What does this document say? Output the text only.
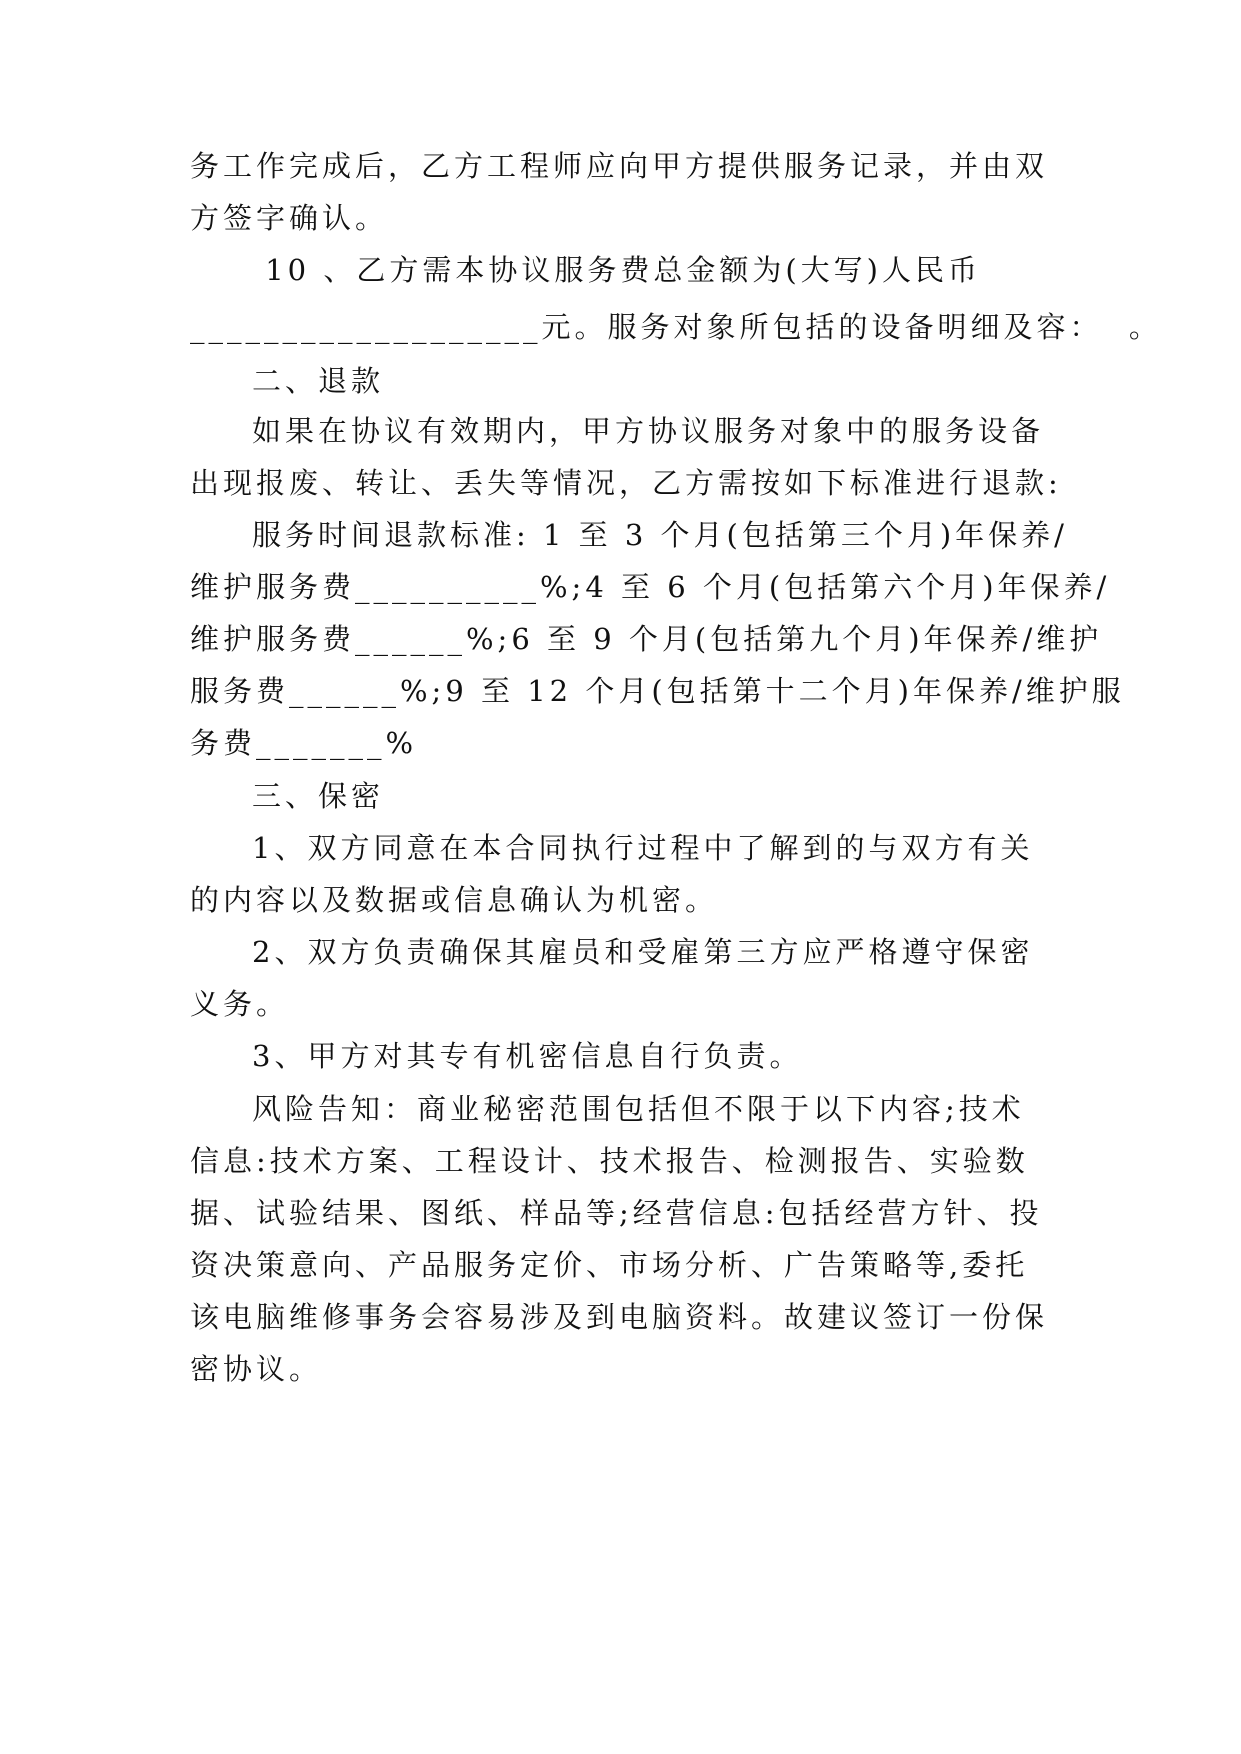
务工作完成后，乙方工程师应向甲方提供服务记录，并由双
方签字确认。
10 、乙方需本协议服务费总金额为(大写)人民币
___________________元。服务对象所包括的设备明细及容：  。
二、退款
如果在协议有效期内，甲方协议服务对象中的服务设备
出现报废、转让、丢失等情况，乙方需按如下标准进行退款:
服务时间退款标准: 1 至 3 个月(包括第三个月)年保养/
维护服务费__________%;4 至 6 个月(包括第六个月)年保养/
维护服务费______%;6 至 9 个月(包括第九个月)年保养/维护
服务费______%;9 至 12 个月(包括第十二个月)年保养/维护服
务费_______%
三、保密
1、双方同意在本合同执行过程中了解到的与双方有关
的内容以及数据或信息确认为机密。
2、双方负责确保其雇员和受雇第三方应严格遵守保密
义务。
3、甲方对其专有机密信息自行负责。
风险告知：商业秘密范围包括但不限于以下内容;技术
信息:技术方案、工程设计、技术报告、检测报告、实验数
据、试验结果、图纸、样品等;经营信息:包括经营方针、投
资决策意向、产品服务定价、市场分析、广告策略等,委托
该电脑维修事务会容易涉及到电脑资料。故建议签订一份保
密协议。
